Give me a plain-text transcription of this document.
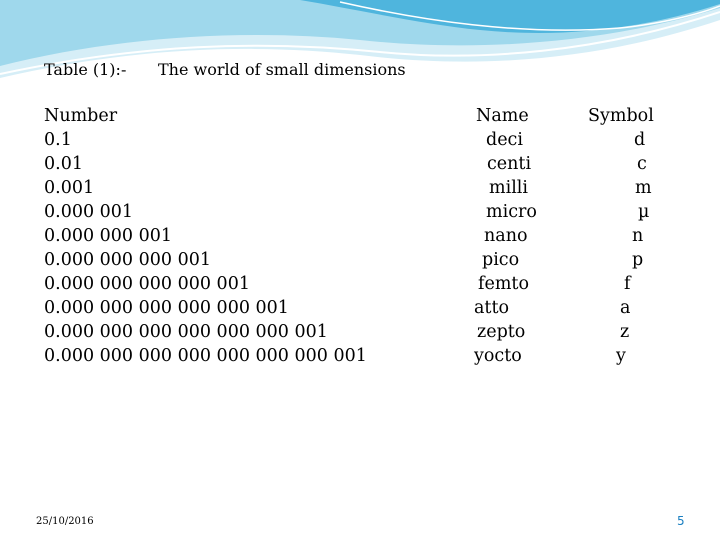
Table (1):- The world of small dimensions
Number
0.1
0.01
0.001
0.000 001
0.000 000 001
0.000 000 000 001
0.000 000 000 000 001
0.000 000 000 000 000 001
0.000 000 000 000 000 000 001
0.000 000 000 000 000 000 000 001
Name
deci
centi
milli
micro
nano
pico
femto
atto
zepto
yocto
Symbol
d
c
m
µ
n
p
f
a
z
y
25/10/2016	5
